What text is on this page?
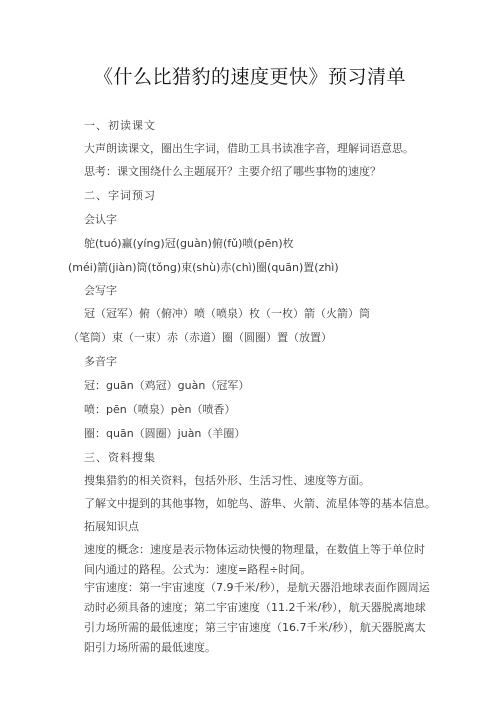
《什么比猎豹的速度更快》预习清单
一、初读课文
大声朗读课文，圈出生字词，借助工具书读准字音，理解词语意思。
思考：课文围绕什么主题展开？主要介绍了哪些事物的速度？
二、字词预习
会认字
鸵(tuó)赢(yíng)冠(guàn)俯(fǔ)喷(pēn)枚
(méi)箭(jiàn)筒(tǒng)束(shù)赤(chì)圈(quān)置(zhì)
会写字
冠（冠军）俯（俯冲）喷（喷泉）枚（一枚）箭（火箭）筒
（笔筒）束（一束）赤（赤道）圈（圆圈）置（放置）
多音字
冠：guān（鸡冠）guàn（冠军）
喷：pēn（喷泉）pèn（喷香）
圈：quān（圆圈）juàn（羊圈）
三、资料搜集
搜集猎豹的相关资料，包括外形、生活习性、速度等方面。
了解文中提到的其他事物，如鸵鸟、游隼、火箭、流星体等的基本信息。
拓展知识点
速度的概念：速度是表示物体运动快慢的物理量，在数值上等于单位时间内通过的路程。公式为：速度=路程÷时间。
宇宙速度：第一宇宙速度（7.9千米/秒），是航天器沿地球表面作圆周运动时必须具备的速度；第二宇宙速度（11.2千米/秒），航天器脱离地球引力场所需的最低速度；第三宇宙速度（16.7千米/秒），航天器脱离太阳引力场所需的最低速度。
